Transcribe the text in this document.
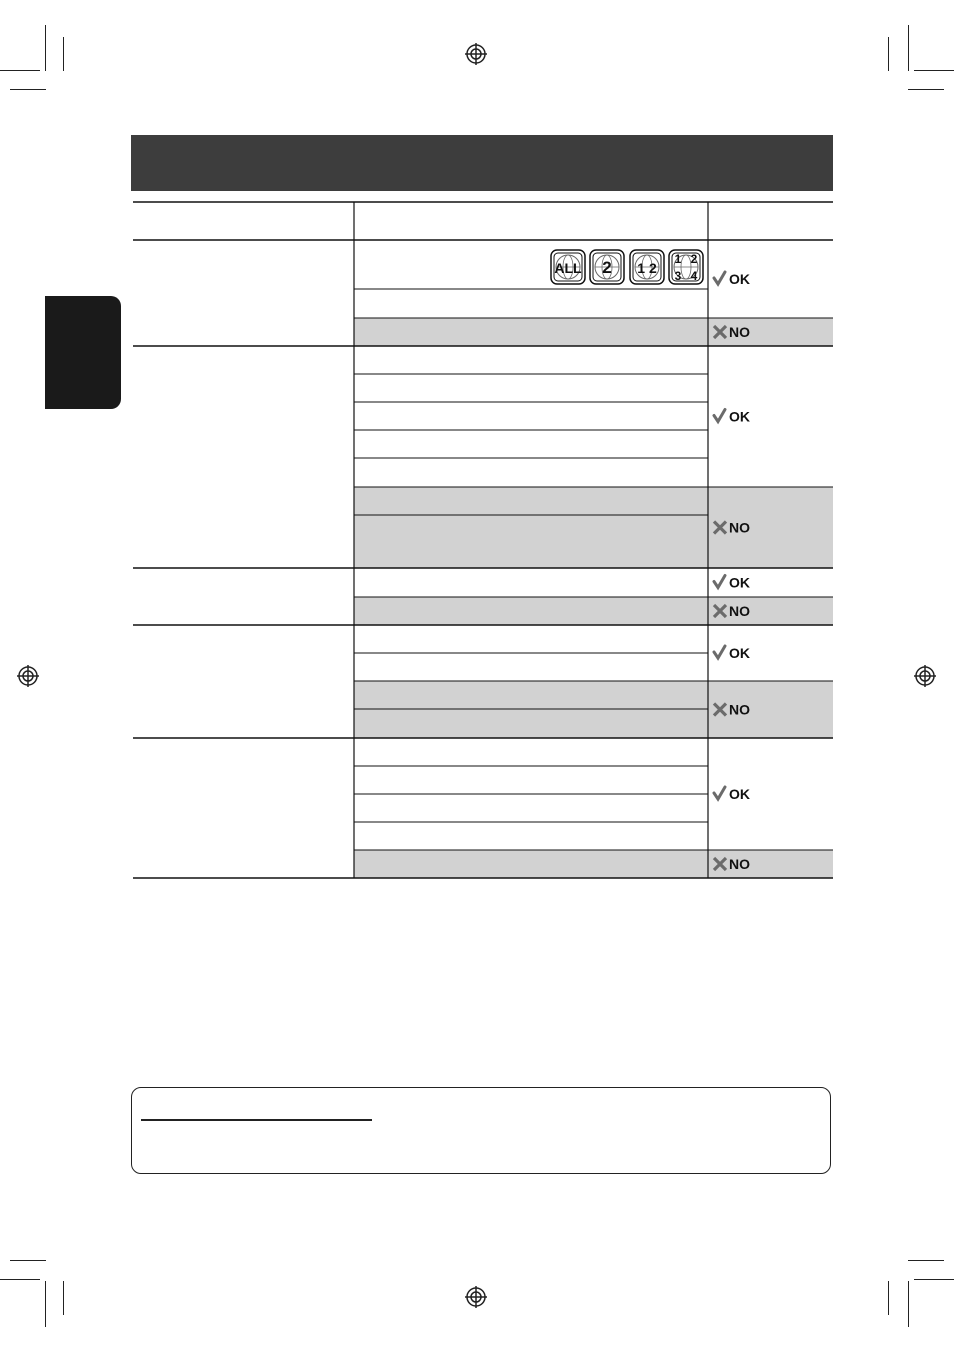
OK
NO
OK
NO
OK
NO
OK
NO
OK
NO
ALL 2 1 2
1 2
3 4
